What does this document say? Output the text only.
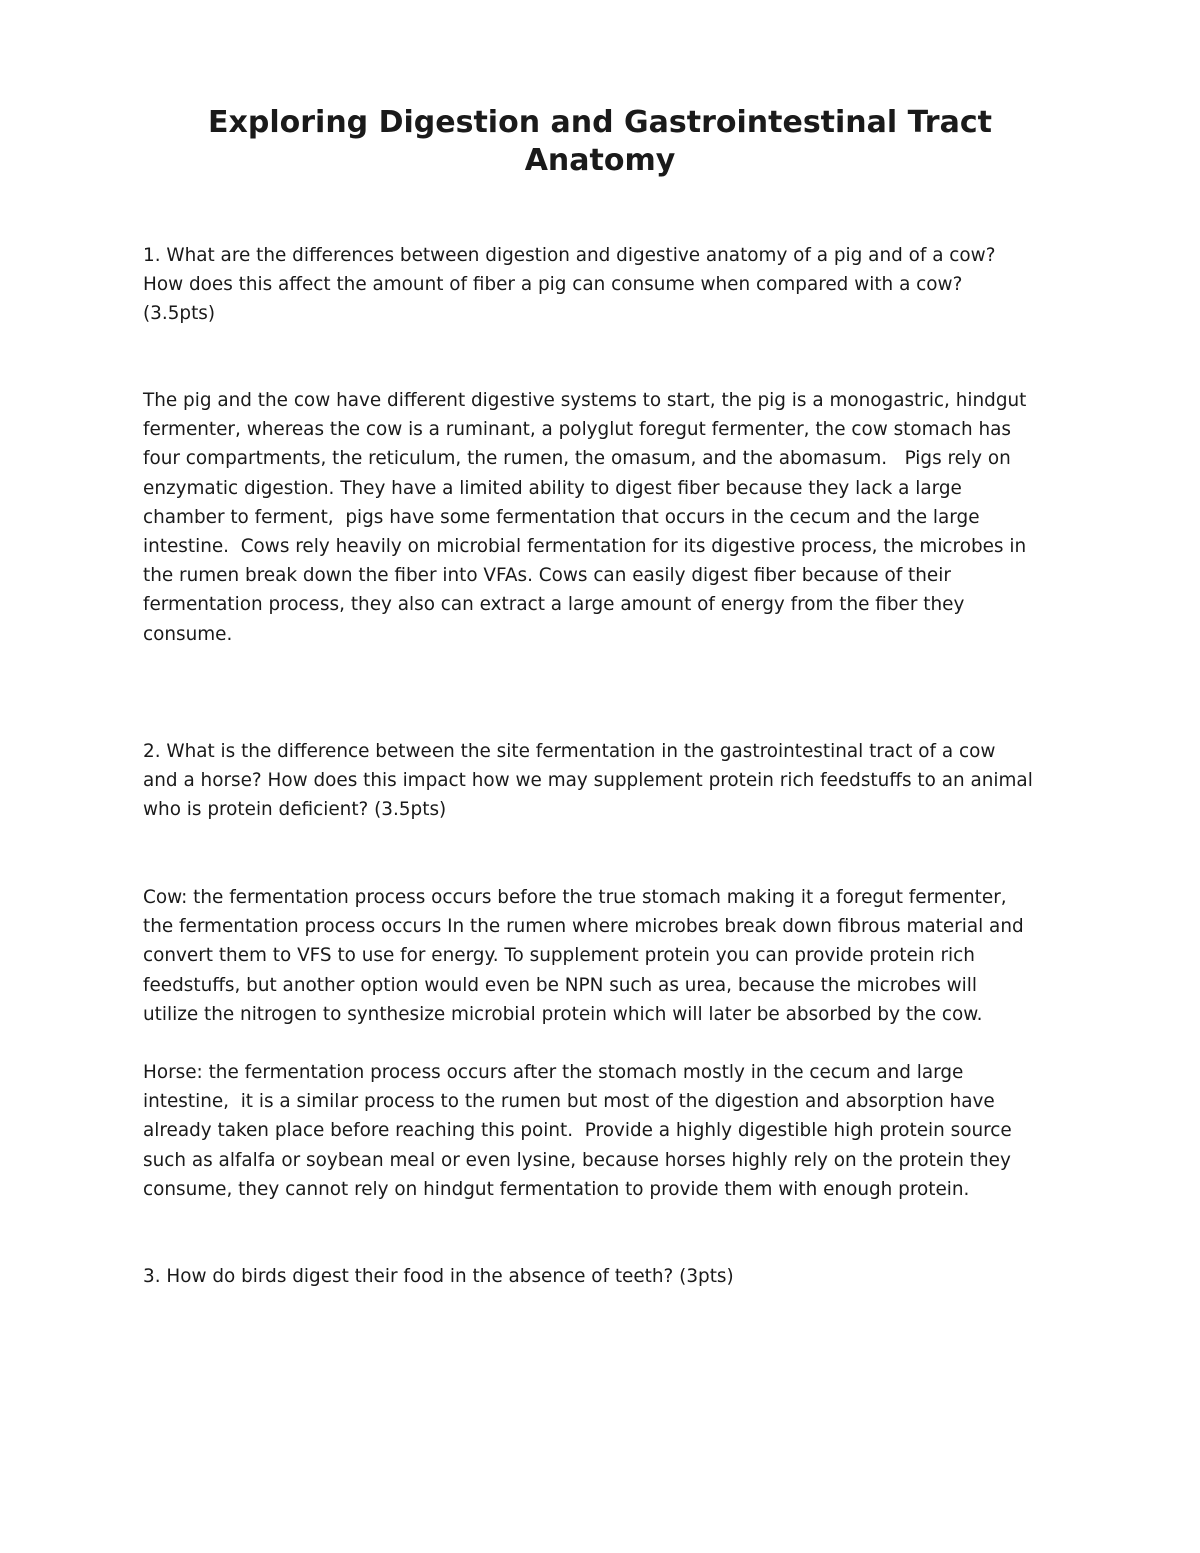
Exploring Digestion and Gastrointestinal Tract
Anatomy

1. What are the differences between digestion and digestive anatomy of a pig and of a cow?
How does this affect the amount of fiber a pig can consume when compared with a cow?
(3.5pts)

The pig and the cow have different digestive systems to start, the pig is a monogastric, hindgut
fermenter, whereas the cow is a ruminant, a polyglut foregut fermenter, the cow stomach has
four compartments, the reticulum, the rumen, the omasum, and the abomasum.   Pigs rely on
enzymatic digestion. They have a limited ability to digest fiber because they lack a large
chamber to ferment,  pigs have some fermentation that occurs in the cecum and the large
intestine.  Cows rely heavily on microbial fermentation for its digestive process, the microbes in
the rumen break down the fiber into VFAs. Cows can easily digest fiber because of their
fermentation process, they also can extract a large amount of energy from the fiber they
consume.

2. What is the difference between the site fermentation in the gastrointestinal tract of a cow
and a horse? How does this impact how we may supplement protein rich feedstuffs to an animal
who is protein deficient? (3.5pts)

Cow: the fermentation process occurs before the true stomach making it a foregut fermenter,
the fermentation process occurs In the rumen where microbes break down fibrous material and
convert them to VFS to use for energy. To supplement protein you can provide protein rich
feedstuffs, but another option would even be NPN such as urea, because the microbes will
utilize the nitrogen to synthesize microbial protein which will later be absorbed by the cow.

Horse: the fermentation process occurs after the stomach mostly in the cecum and large
intestine,  it is a similar process to the rumen but most of the digestion and absorption have
already taken place before reaching this point.  Provide a highly digestible high protein source
such as alfalfa or soybean meal or even lysine, because horses highly rely on the protein they
consume, they cannot rely on hindgut fermentation to provide them with enough protein.

3. How do birds digest their food in the absence of teeth? (3pts)
